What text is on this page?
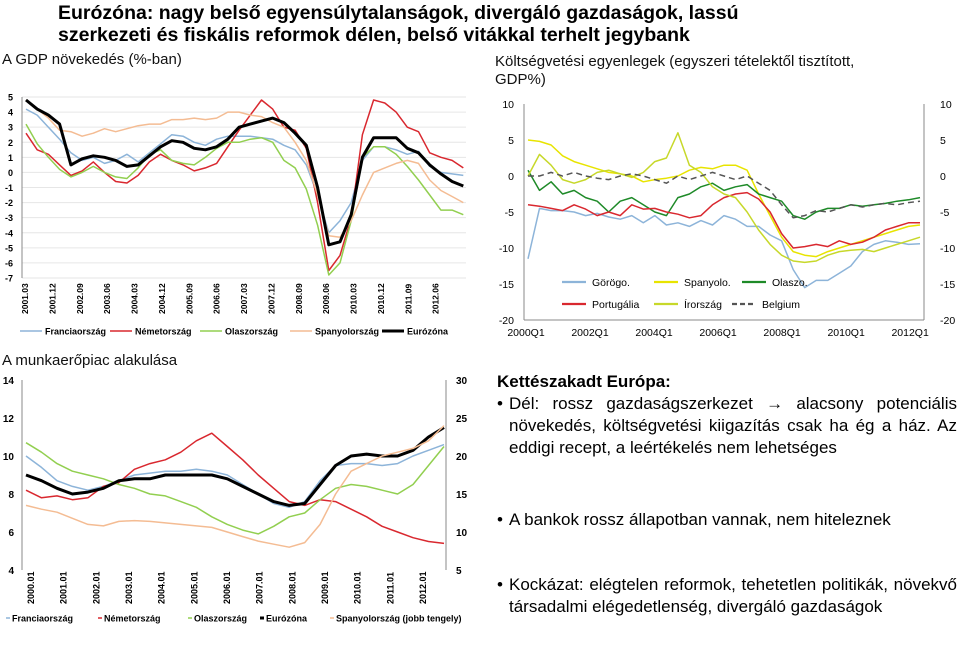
Eurózóna: nagy belső egyensúlytalanságok, divergáló gazdaságok, lassú
szerkezeti és fiskális reformok délen, belső vitákkal terhelt jegybank
A GDP növekedés (%-ban)	Költségvetési egyenlegek (egyszeri tételektől tisztított,
GDP%)
A munkaerőpiac alakulása
5
4
3
2
1
0
-1
-2
-3
-4
-5
-6
-7
2001.03 2001.12 2002.09 2003.06 2004.03 2004.12 2005.09 2006.06 2007.03 2007.12 2008.09 2009.06 2010.03 2010.12 2011.09 2012.06
Franciaország	Németország	Olaszország	Spanyolország	Eurózóna
10	10
5	5
0	0
-5	-5
-10	-10
-15	-15
-20	-20
2000Q1	2002Q1	2004Q1	2006Q1	2008Q1	2010Q1	2012Q1
Görögo.	Spanyolo.	Olaszo.
Portugália	Írország	Belgium
14
12
10
8
6
4
30
25
20
15
10
5
2000.01	2001.01	2002.01	2003.01	2004.01	2005.01	2006.01	2007.01	2008.01	2009.01	2010.01	2011.01	2012.01
Franciaország	Németország	Olaszország Eurózóna	Spanyolország (jobb tengely)
Kettészakadt Európa:
• Dél: rossz gazdaságszerkezet → alacsony potenciális növekedés, költségvetési kiigazítás csak ha ég a ház. Az eddigi recept, a leértékelés nem lehetséges
• A bankok rossz állapotban vannak, nem hiteleznek
• Kockázat: elégtelen reformok, tehetetlen politikák, növekvő társadalmi elégedetlenség, divergáló gazdaságok
